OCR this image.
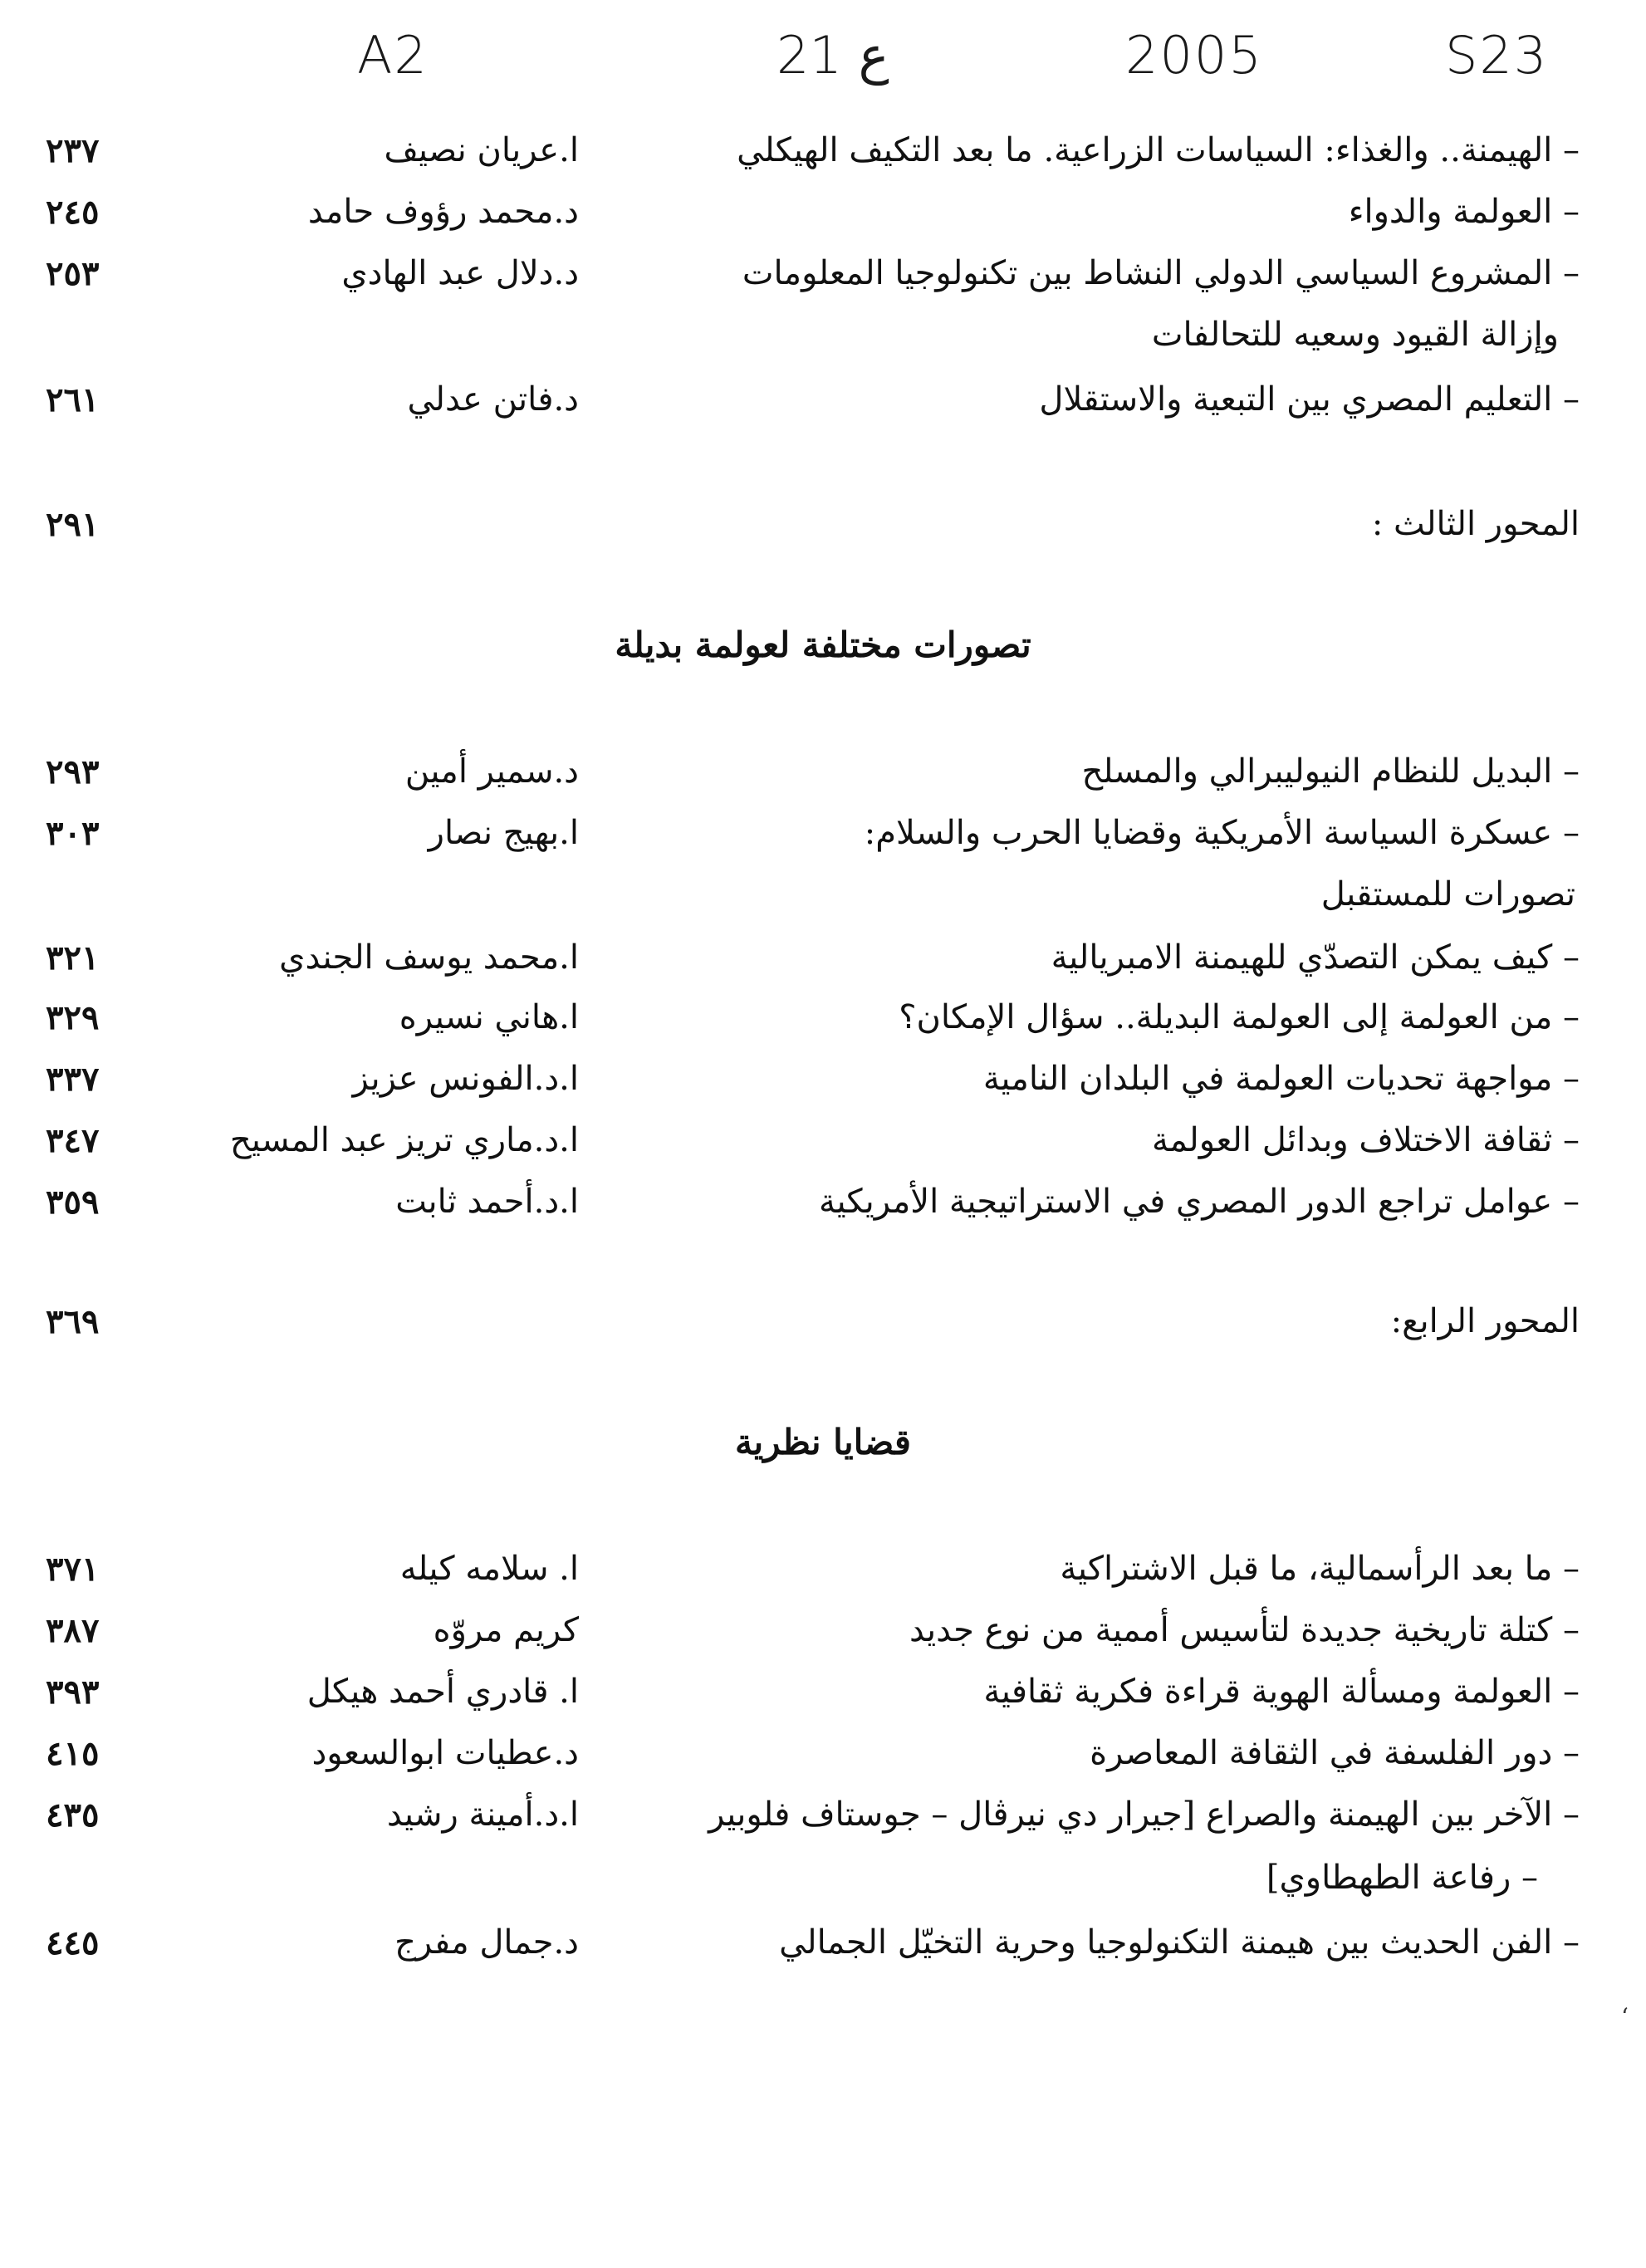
S23
2005
ع 21
A2
– الهيمنة.. والغذاء: السياسات الزراعية. ما بعد التكيف الهيكلي
ا.عريان نصيف
٢٣٧
– العولمة والدواء
د.محمد رؤوف حامد
٢٤٥
– المشروع السياسي الدولي النشاط بين تكنولوجيا المعلومات
د.دلال عبد الهادي
٢٥٣
وإزالة القيود وسعيه للتحالفات
– التعليم المصري بين التبعية والاستقلال
د.فاتن عدلي
٢٦١
المحور الثالث :
٢٩١
تصورات مختلفة لعولمة بديلة
– البديل للنظام النيوليبرالي والمسلح
د.سمير أمين
٢٩٣
– عسكرة السياسة الأمريكية وقضايا الحرب والسلام:
ا.بهيج نصار
٣٠٣
تصورات للمستقبل
– كيف يمكن التصدّي للهيمنة الامبريالية
ا.محمد يوسف الجندي
٣٢١
– من العولمة إلى العولمة البديلة.. سؤال الإمكان؟
ا.هاني نسيره
٣٢٩
– مواجهة تحديات العولمة في البلدان النامية
ا.د.الفونس عزيز
٣٣٧
– ثقافة الاختلاف وبدائل العولمة
ا.د.ماري تريز عبد المسيح
٣٤٧
– عوامل تراجع الدور المصري في الاستراتيجية الأمريكية
ا.د.أحمد ثابت
٣٥٩
المحور الرابع:
٣٦٩
قضايا نظرية
– ما بعد الرأسمالية، ما قبل الاشتراكية
ا. سلامه كيله
٣٧١
– كتلة تاريخية جديدة لتأسيس أممية من نوع جديد
كريم مروّه
٣٨٧
– العولمة ومسألة الهوية قراءة فكرية ثقافية
ا. قادري أحمد هيكل
٣٩٣
– دور الفلسفة في الثقافة المعاصرة
د.عطيات ابوالسعود
٤١٥
– الآخر بين الهيمنة والصراع [جيرار دي نيرڤال – جوستاف فلوبير
ا.د.أمينة رشيد
٤٣٥
– رفاعة الطهطاوي]
– الفن الحديث بين هيمنة التكنولوجيا وحرية التخيّل الجمالي
د.جمال مفرج
٤٤٥
ʻ
